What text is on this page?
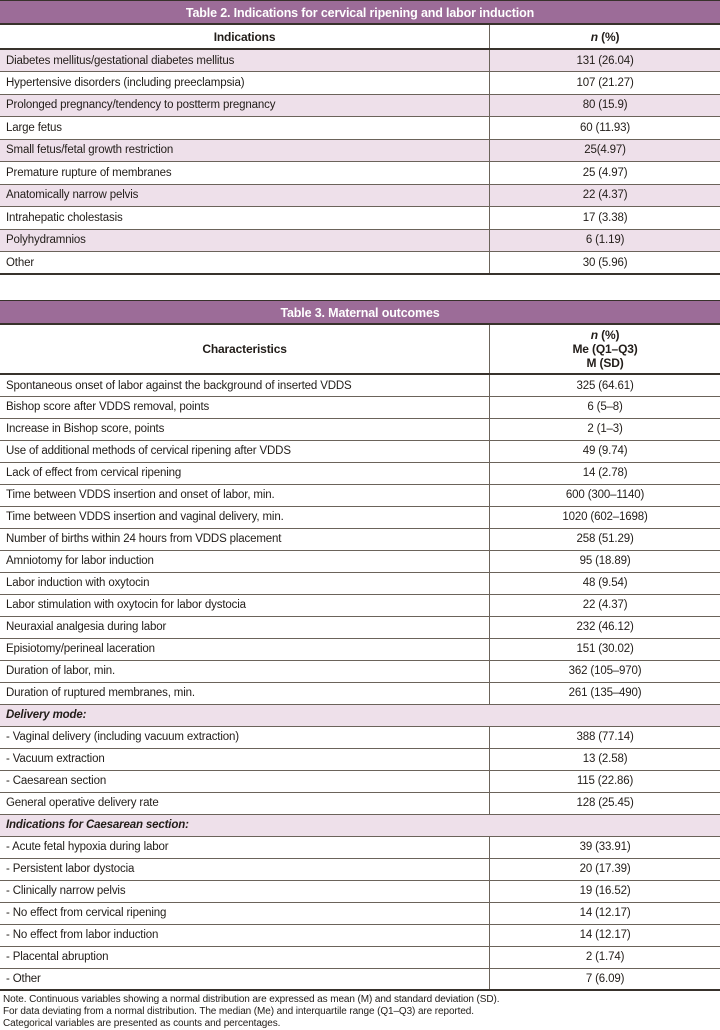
Table 2. Indications for cervical ripening and labor induction
Indications	n (%)
Diabetes mellitus/gestational diabetes mellitus	131 (26.04)
Hypertensive disorders (including preeclampsia)	107 (21.27)
Prolonged pregnancy/tendency to postterm pregnancy	80 (15.9)
Large fetus	60 (11.93)
Small fetus/fetal growth restriction	25(4.97)
Premature rupture of membranes	25 (4.97)
Anatomically narrow pelvis	22 (4.37)
Intrahepatic cholestasis	17 (3.38)
Polyhydramnios	6 (1.19)
Other	30 (5.96)
Table 3. Maternal outcomes
Characteristics	n (%)
Me (Q1–Q3)
M (SD)

Spontaneous onset of labor against the background of inserted VDDS	325 (64.61)
Bishop score after VDDS removal, points	6 (5–8)
Increase in Bishop score, points	2 (1–3)
Use of additional methods of cervical ripening after VDDS	49 (9.74)
Lack of effect from cervical ripening	14 (2.78)
Time between VDDS insertion and onset of labor, min.	600 (300–1140)
Time between VDDS insertion and vaginal delivery, min.	1020 (602–1698)
Number of births within 24 hours from VDDS placement	258 (51.29)
Amniotomy for labor induction	95 (18.89)
Labor induction with oxytocin	48 (9.54)
Labor stimulation with oxytocin for labor dystocia	22 (4.37)
Neuraxial analgesia during labor	232 (46.12)
Episiotomy/perineal laceration	151 (30.02)
Duration of labor, min.	362 (105–970)
Duration of ruptured membranes, min.	261 (135–490)
Delivery mode:	
- Vaginal delivery (including vacuum extraction)	388 (77.14)
- Vacuum extraction	13 (2.58)
- Caesarean section	115 (22.86)
General operative delivery rate	128 (25.45)
Indications for Caesarean section:	
- Acute fetal hypoxia during labor	39 (33.91)
- Persistent labor dystocia	20 (17.39)
- Clinically narrow pelvis	19 (16.52)
- No effect from cervical ripening	14 (12.17)
- No effect from labor induction	14 (12.17)
- Placental abruption	2 (1.74)
- Other	7 (6.09)
Note. Continuous variables showing a normal distribution are expressed as mean (M) and standard deviation (SD).
For data deviating from a normal distribution. The median (Me) and interquartile range (Q1–Q3) are reported.
Categorical variables are presented as counts and percentages.
